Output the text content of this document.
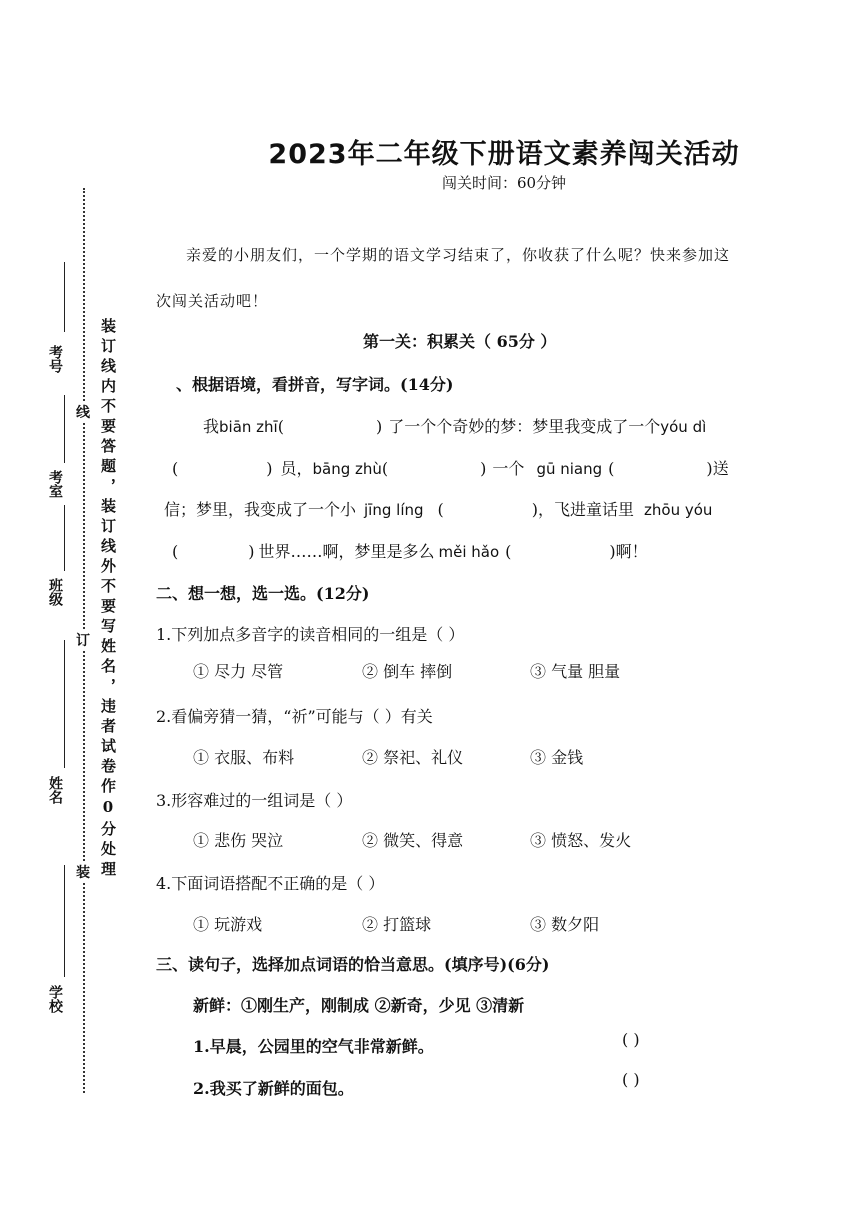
考号
考室
班级
姓名
学校
线
订
装 装订线内不要答题，装订线外不要写姓名，违者试卷作0分处理
2023年二年级下册语文素养闯关活动
闯关时间：60分钟
亲爱的小朋友们，一个学期的语文学习结束了，你收获了什么呢？快来参加这
次闯关活动吧！
第一关：积累关（ 65分 ）
、根据语境，看拼音，写字词。(14分)
我biān zhī(	) 了一个个奇妙的梦：梦里我变成了一个yóu dì
(	) 员，bāng zhù(	) 一个 gū niang (	)送
信；梦里，我变成了一个小 jīng líng (	)，飞进童话里 zhōu yóu
(	) 世界……啊，梦里是多么 měi hǎo (	)啊！
二、想一想，选一选。(12分)
1.下列加点多音字的读音相同的一组是（ ）
① 尽力 尽管	② 倒车 摔倒	③ 气量 胆量
2.看偏旁猜一猜，“祈”可能与（ ）有关
① 衣服、布料	② 祭祀、礼仪	③ 金钱
3.形容难过的一组词是（ ）
① 悲伤 哭泣	② 微笑、得意	③ 愤怒、发火
4.下面词语搭配不正确的是（ ）
① 玩游戏	② 打篮球	③ 数夕阳
三、读句子，选择加点词语的恰当意思。(填序号)(6分)
新鲜：①刚生产，刚制成 ②新奇，少见 ③清新
1.早晨，公园里的空气非常新鲜。	( )
2.我买了新鲜的面包。	( )
